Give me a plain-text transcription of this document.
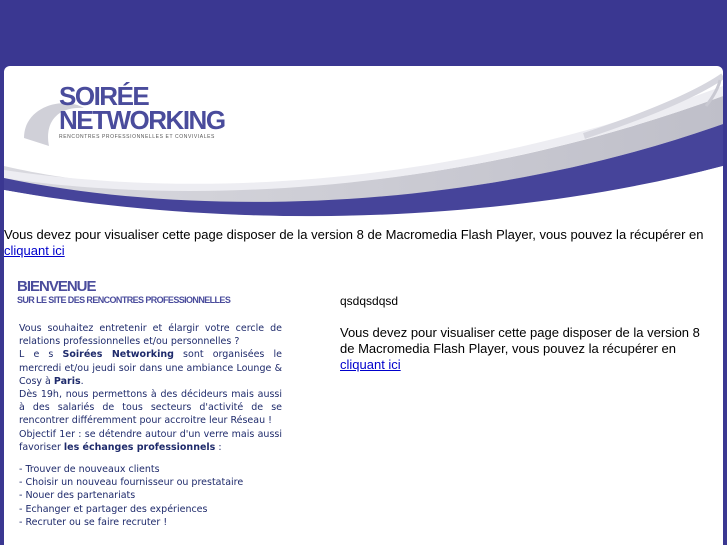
SOIRÉE
NETWORKING
RENCONTRES PROFESSIONNELLES ET CONVIVIALES
Vous devez pour visualiser cette page disposer de la version 8 de Macromedia Flash Player, vous pouvez la récupérer en cliquant ici
BIENVENUE
SUR LE SITE DES RENCONTRES PROFESSIONNELLES

Vous souhaitez entretenir et élargir votre cercle de relations professionnelles et/ou personnelles ?

L e s Soirées Networking sont organisées le mercredi et/ou jeudi soir dans une ambiance Lounge & Cosy à Paris.

Dès 19h, nous permettons à des décideurs mais aussi à des salariés de tous secteurs d'activité de se rencontrer différemment pour accroitre leur Réseau !

Objectif 1er : se détendre autour d'un verre mais aussi favoriser les échanges professionnels :

- Trouver de nouveaux clients
- Choisir un nouveau fournisseur ou prestataire
- Nouer des partenariats
- Echanger et partager des expériences
- Recruter ou se faire recruter !
qsdqsdqsd
Vous devez pour visualiser cette page disposer de la version 8 de Macromedia Flash Player, vous pouvez la récupérer en cliquant ici
